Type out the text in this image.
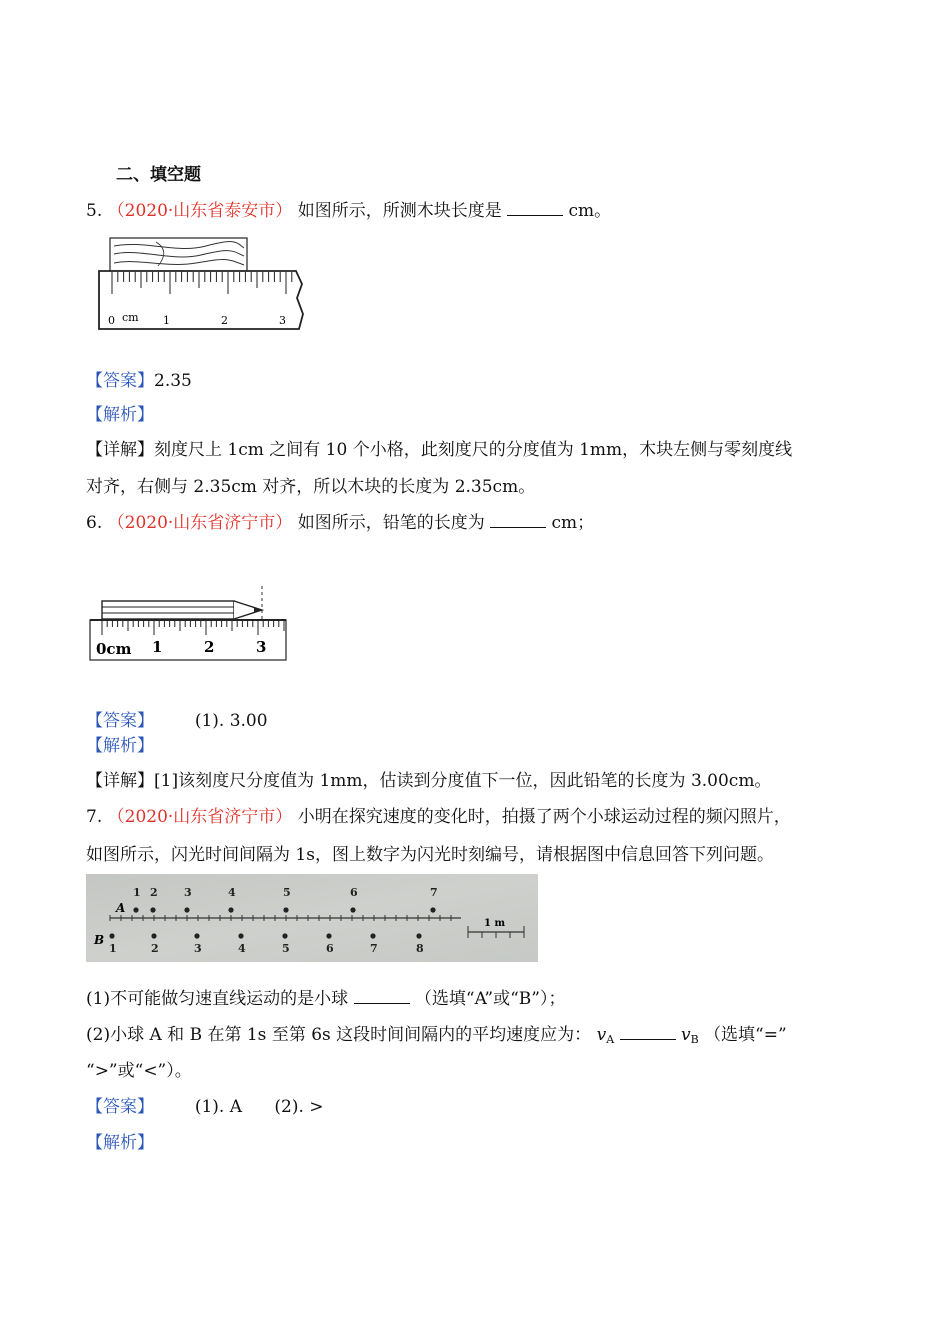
二、填空题
5. （2020·山东省泰安市） 如图所示，所测木块长度是	cm。
0 cm 1	2	3
【答案】2.35
【解析】
【详解】刻度尺上 1cm 之间有 10 个小格，此刻度尺的分度值为 1mm，木块左侧与零刻度线
对齐，右侧与 2.35cm 对齐，所以木块的长度为 2.35cm。
6. （2020·山东省济宁市） 如图所示，铅笔的长度为	cm；
0cm 1	2	3
【答案】 (1). 3.00
【解析】
【详解】[1]该刻度尺分度值为 1mm，估读到分度值下一位，因此铅笔的长度为 3.00cm。
7. （2020·山东省济宁市） 小明在探究速度的变化时，拍摄了两个小球运动过程的频闪照片，
如图所示，闪光时间间隔为 1s，图上数字为闪光时刻编号，请根据图中信息回答下列问题。
A
B
1 2 3	4	5	6	7
1	2	3	4	5	6	7	8
1 m
(1)不可能做匀速直线运动的是小球	（选填“A”或“B”）；
(2)小球 A 和 B 在第 1s 至第 6s 这段时间间隔内的平均速度应为： $v_A$	$v_B$ （选填“=”
“>”或“<”）。
【答案】 (1). A      (2). >
【解析】
